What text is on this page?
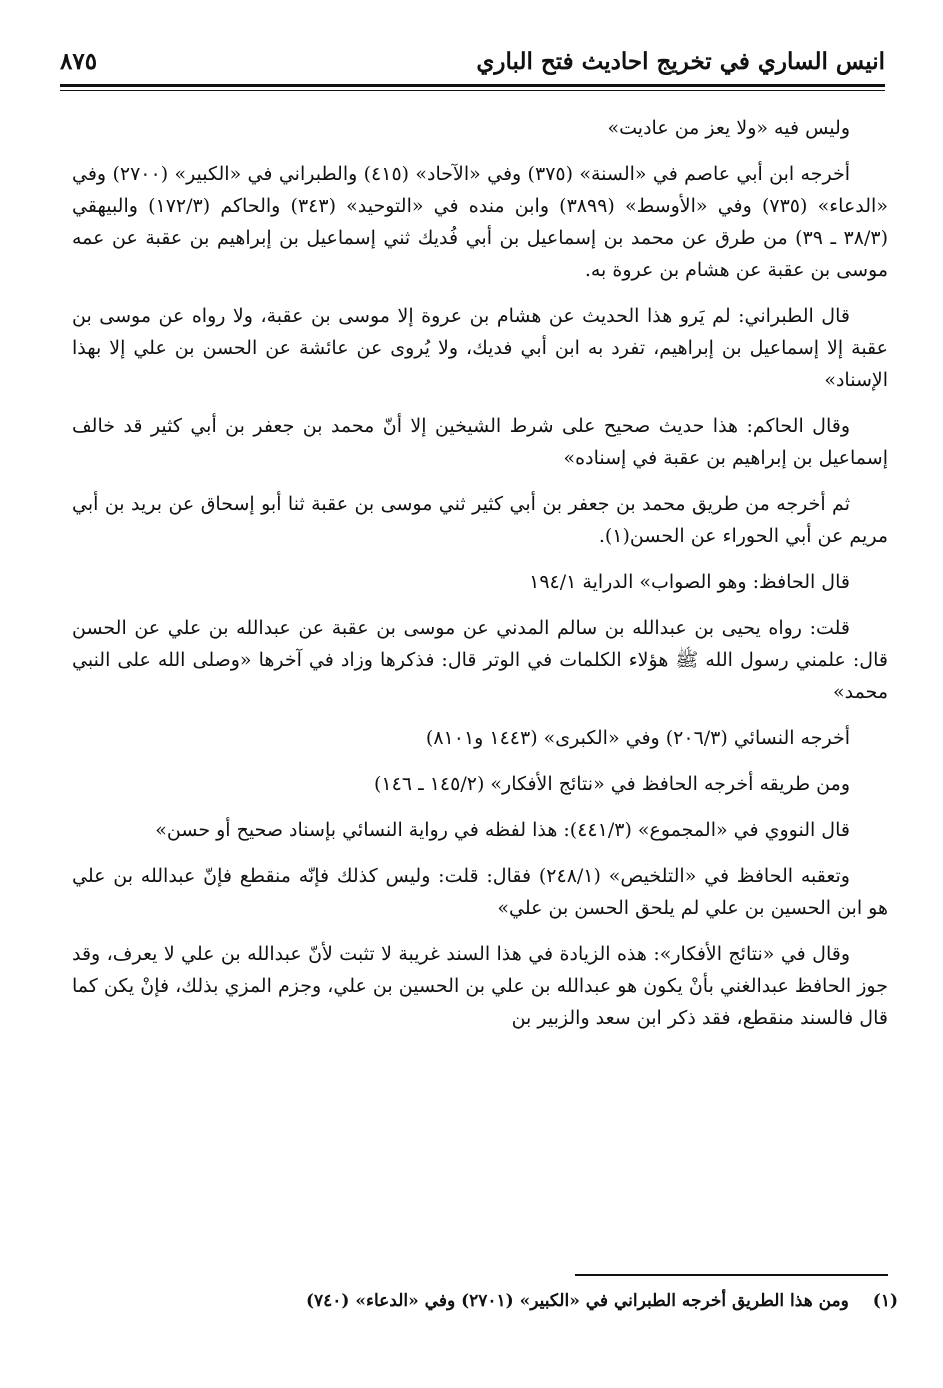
انيس الساري في تخريج احاديث فتح الباري
٨٧٥

وليس فيه «ولا يعز من عاديت»

أخرجه ابن أبي عاصم في «السنة» (٣٧٥) وفي «الآحاد» (٤١٥) والطبراني في «الكبير» (٢٧٠٠) وفي «الدعاء» (٧٣٥) وفي «الأوسط» (٣٨٩٩) وابن منده في «التوحيد» (٣٤٣) والحاكم (١٧٢/٣) والبيهقي (٣٨/٣ ـ ٣٩) من طرق عن محمد بن إسماعيل بن أبي فُديك ثني إسماعيل بن إبراهيم بن عقبة عن عمه موسى بن عقبة عن هشام بن عروة به.

قال الطبراني: لم يَرو هذا الحديث عن هشام بن عروة إلا موسى بن عقبة، ولا رواه عن موسى بن عقبة إلا إسماعيل بن إبراهيم، تفرد به ابن أبي فديك، ولا يُروى عن عائشة عن الحسن بن علي إلا بهذا الإسناد»

وقال الحاكم: هذا حديث صحيح على شرط الشيخين إلا أنّ محمد بن جعفر بن أبي كثير قد خالف إسماعيل بن إبراهيم بن عقبة في إسناده»

ثم أخرجه من طريق محمد بن جعفر بن أبي كثير ثني موسى بن عقبة ثنا أبو إسحاق عن بريد بن أبي مريم عن أبي الحوراء عن الحسن(١).

قال الحافظ: وهو الصواب» الدراية ١٩٤/١

قلت: رواه يحيى بن عبدالله بن سالم المدني عن موسى بن عقبة عن عبدالله بن علي عن الحسن قال: علمني رسول الله ﷺ هؤلاء الكلمات في الوتر قال: فذكرها وزاد في آخرها «وصلى الله على النبي محمد»

أخرجه النسائي (٢٠٦/٣) وفي «الكبرى» (١٤٤٣ و٨١٠١)

ومن طريقه أخرجه الحافظ في «نتائج الأفكار» (١٤٥/٢ ـ ١٤٦)

قال النووي في «المجموع» (٤٤١/٣): هذا لفظه في رواية النسائي بإسناد صحيح أو حسن»

وتعقبه الحافظ في «التلخيص» (٢٤٨/١) فقال: قلت: وليس كذلك فإنّه منقطع فإنّ عبدالله بن علي هو ابن الحسين بن علي لم يلحق الحسن بن علي»

وقال في «نتائج الأفكار»: هذه الزيادة في هذا السند غريبة لا تثبت لأنّ عبدالله بن علي لا يعرف، وقد جوز الحافظ عبدالغني بأنْ يكون هو عبدالله بن علي بن الحسين بن علي، وجزم المزي بذلك، فإنْ يكن كما قال فالسند منقطع، فقد ذكر ابن سعد والزبير بن

(١) ومن هذا الطريق أخرجه الطبراني في «الكبير» (٢٧٠١) وفي «الدعاء» (٧٤٠)
